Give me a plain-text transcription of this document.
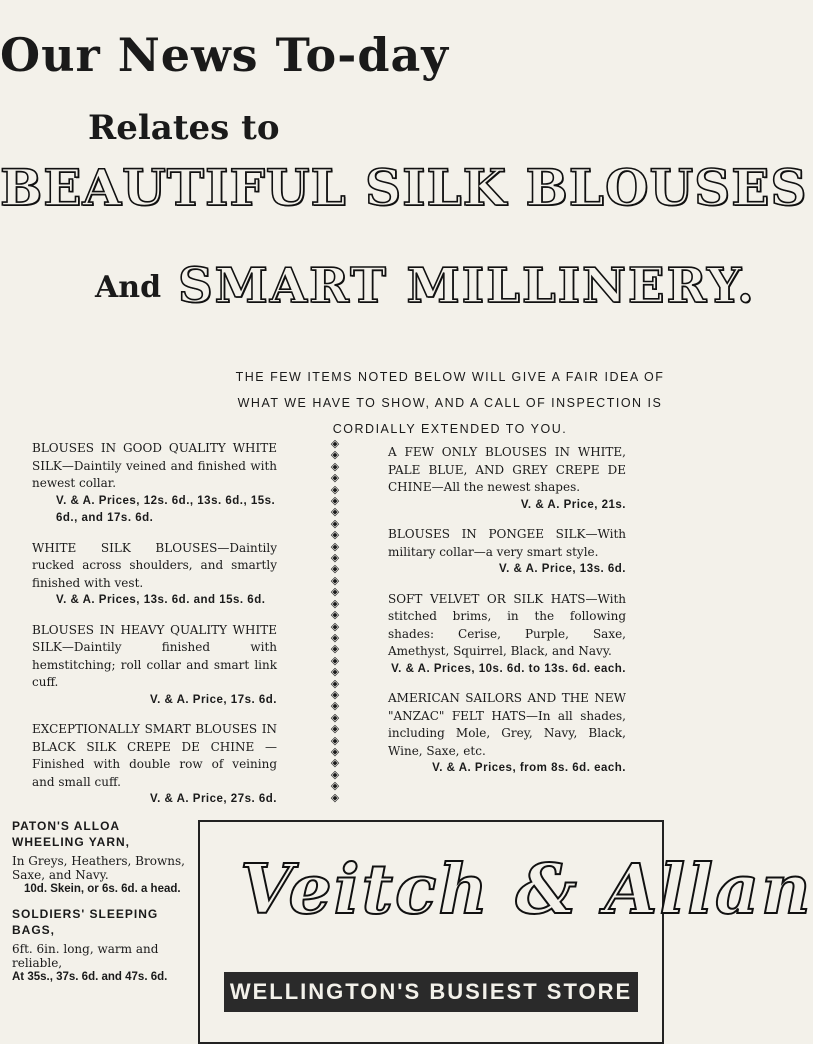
Our News To-day
Relates to
BEAUTIFUL SILK BLOUSES
And SMART MILLINERY.
THE FEW ITEMS NOTED BELOW WILL GIVE A FAIR IDEA OF WHAT WE HAVE TO SHOW, AND A CALL OF INSPECTION IS CORDIALLY EXTENDED TO YOU.
BLOUSES IN GOOD QUALITY WHITE SILK—Daintily veined and finished with newest collar.
V. & A. Prices, 12s. 6d., 13s. 6d., 15s. 6d., and 17s. 6d.
WHITE SILK BLOUSES—Daintily rucked across shoulders, and smartly finished with vest.
V. & A. Prices, 13s. 6d. and 15s. 6d.
BLOUSES IN HEAVY QUALITY WHITE SILK—Daintily finished with hemstitching; roll collar and smart link cuff.
V. & A. Price, 17s. 6d.
EXCEPTIONALLY SMART BLOUSES IN BLACK SILK CREPE DE CHINE —Finished with double row of veining and small cuff.
V. & A. Price, 27s. 6d.
◈
◈
◈
◈
◈
◈
◈
◈
◈
◈
◈
◈
◈
◈
◈
◈
◈
◈
◈
◈
◈
◈
◈
◈
◈
◈
◈
◈
◈
◈
◈
◈
A FEW ONLY BLOUSES IN WHITE, PALE BLUE, AND GREY CREPE DE CHINE—All the newest shapes.
V. & A. Price, 21s.
BLOUSES IN PONGEE SILK—With military collar—a very smart style.
V. & A. Price, 13s. 6d.
SOFT VELVET OR SILK HATS—With stitched brims, in the following shades: Cerise, Purple, Saxe, Amethyst, Squirrel, Black, and Navy.
V. & A. Prices, 10s. 6d. to 13s. 6d. each.
AMERICAN SAILORS AND THE NEW "ANZAC" FELT HATS—In all shades, including Mole, Grey, Navy, Black, Wine, Saxe, etc.
V. & A. Prices, from 8s. 6d. each.
PATON'S ALLOA WHEELING YARN,
In Greys, Heathers, Browns, Saxe, and Navy.
10d. Skein, or 6s. 6d. a head.
SOLDIERS' SLEEPING BAGS,
6ft. 6in. long, warm and reliable,
At 35s., 37s. 6d. and 47s. 6d.
Veitch & Allan
WELLINGTON'S BUSIEST STORE
